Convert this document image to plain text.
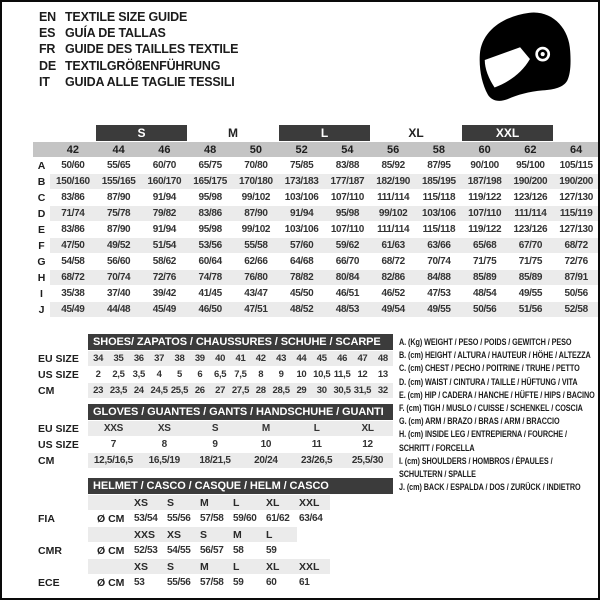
EN TEXTILE SIZE GUIDE
ES GUÍA DE TALLAS
FR GUIDE DES TAILLES TEXTILE
DE TEXTILGRÖßENFÜHRUNG
IT	GUIDA ALLE TAGLIE TESSILI
		S		M		L		XL		XXL		
	42	44	46	48	50	52	54	56	58	60	62	64
A	50/60	55/65	60/70	65/75	70/80	75/85	83/88	85/92	87/95	90/100	95/100	105/115
B	150/160	155/165	160/170	165/175	170/180	173/183	177/187	182/190	185/195	187/198	190/200	190/200
C	83/86	87/90	91/94	95/98	99/102	103/106	107/110	111/114	115/118	119/122	123/126	127/130
D	71/74	75/78	79/82	83/86	87/90	91/94	95/98	99/102	103/106	107/110	111/114	115/119
E	83/86	87/90	91/94	95/98	99/102	103/106	107/110	111/114	115/118	119/122	123/126	127/130
F	47/50	49/52	51/54	53/56	55/58	57/60	59/62	61/63	63/66	65/68	67/70	68/72
G	54/58	56/60	58/62	60/64	62/66	64/68	66/70	68/72	70/74	71/75	71/75	72/76
H	68/72	70/74	72/76	74/78	76/80	78/82	80/84	82/86	84/88	85/89	85/89	87/91
I	35/38	37/40	39/42	41/45	43/47	45/50	46/51	46/52	47/53	48/54	49/55	50/56
J	45/49	44/48	45/49	46/50	47/51	48/52	48/53	49/54	49/55	50/56	51/56	52/58
	SHOES/ ZAPATOS / CHAUSSURES / SCHUHE / SCARPE														
EU SIZE	34	35	36	37	38	39	40	41	42	43	44	45	46	47	48
US SIZE	2	2,5	3,5	4	5	6	6,5	7,5	8	9	10	10,5	11,5	12	13
CM	23	23,5	24	24,5	25,5	26	27	27,5	28	28,5	29	30	30,5	31,5	32
	GLOVES / GUANTES / GANTS / HANDSCHUHE / GUANTI					
EU SIZE	XXS	XS	S	M	L	XL
US SIZE	7	8	9	10	11	12
CM	12,5/16,5	16,5/19	18/21,5	20/24	23/26,5	25,5/30
	HELMET / CASCO / CASQUE / HELM / CASCO							
		XS	S	M	L	XL	XXL	
FIA	Ø CM	53/54	55/56	57/58	59/60	61/62	63/64	
		XXS	XS	S	M	L		
CMR	Ø CM	52/53	54/55	56/57	58	59		
		XS	S	M	L	XL	XXL	
ECE	Ø CM	53	55/56	57/58	59	60	61	
A. (Kg) WEIGHT / PESO / POIDS / GEWITCH / PESO
B. (cm) HEIGHT / ALTURA / HAUTEUR / HÖHE / ALTEZZA
C. (cm) CHEST / PECHO / POITRINE / TRUHE / PETTO
D. (cm) WAIST / CINTURA / TAILLE / HÜFTUNG / VITA
E. (cm) HIP / CADERA / HANCHE / HÜFTE / HIPS / BACINO
F. (cm) TIGH / MUSLO / CUISSE / SCHENKEL / COSCIA
G. (cm) ARM / BRAZO / BRAS / ARM / BRACCIO
H. (cm) INSIDE LEG / ENTREPIERNA / FOURCHE /
SCHRITT / FORCELLA
I. (cm) SHOULDERS / HOMBROS / ÉPAULES /
SCHULTERN / SPALLE
J. (cm) BACK / ESPALDA / DOS / ZURÜCK / INDIETRO
